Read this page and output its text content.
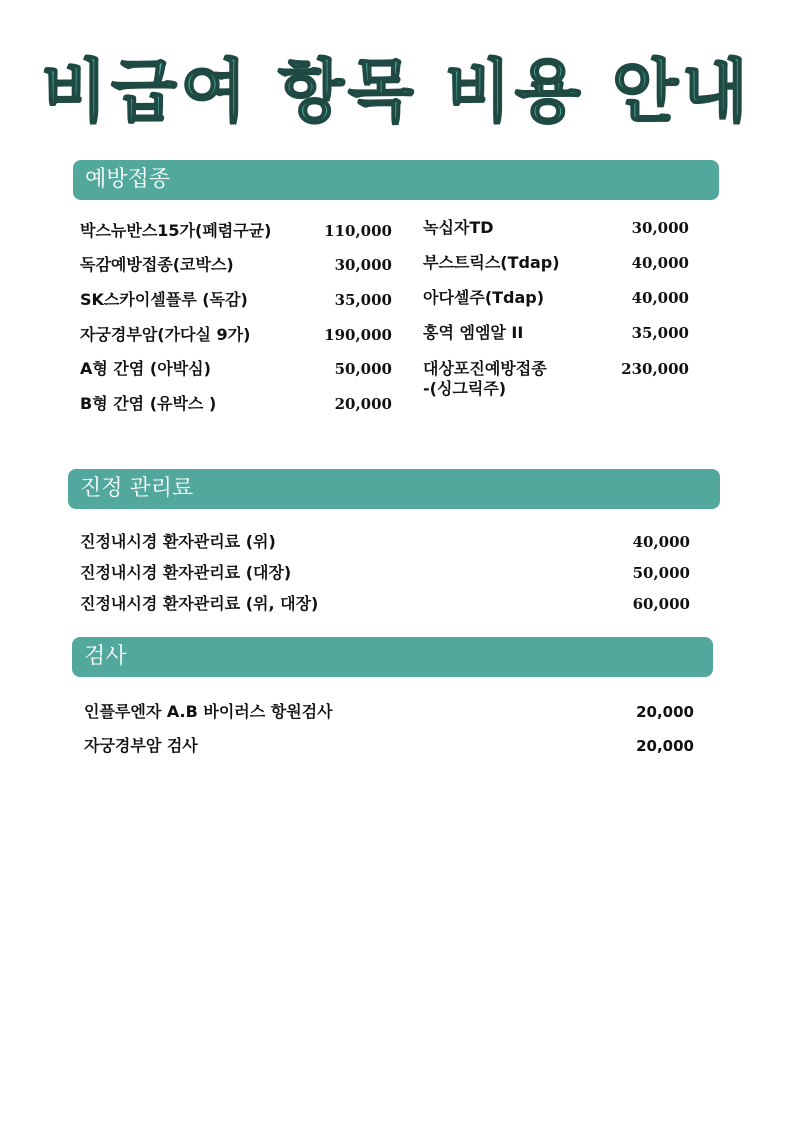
비급여 항목 비용 안내
예방접종
박스뉴반스15가(페렴구균)	110,000
독감예방접종(코박스)	30,000
SK스카이셀플루 (독감)	35,000
자궁경부암(가다실 9가)	190,000
A형 간염 (아박심)	50,000
B형 간염 (유박스 )	20,000
녹십자TD	30,000
부스트릭스(Tdap)	40,000
아다셀주(Tdap)	40,000
홍역 엠엠알 II	35,000
대상포진예방접종
-(싱그릭주)
230,000
진정 관리료
진정내시경 환자관리료 (위)	40,000
진정내시경 환자관리료 (대장)	50,000
진정내시경 환자관리료 (위, 대장)	60,000
검사
인플루엔자 A.B 바이러스 항원검사	20,000
자궁경부암 검사	20,000
